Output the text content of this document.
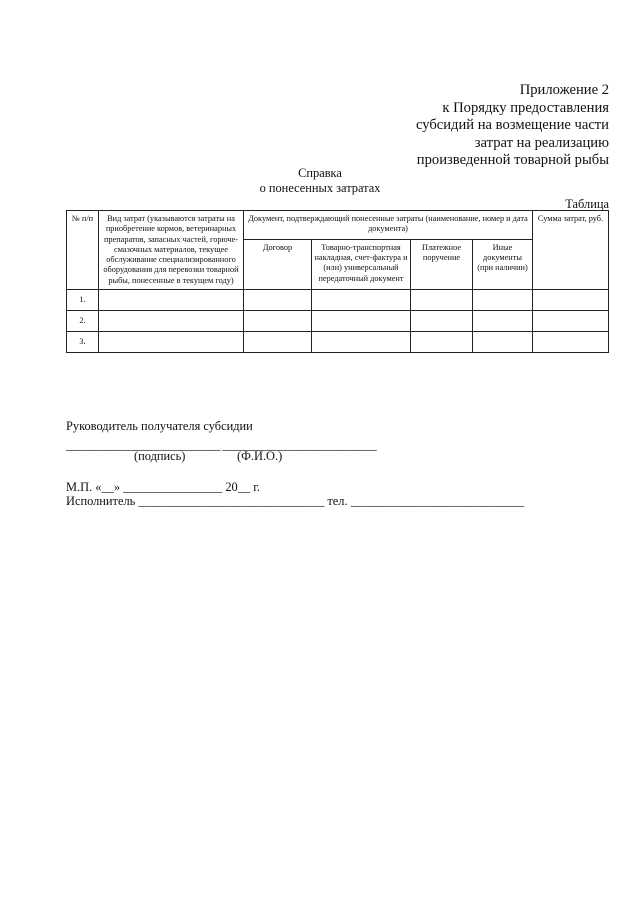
Приложение 2
к Порядку предоставления
субсидий на возмещение части
затрат на реализацию
произведенной товарной рыбы
Справка
о понесенных затратах
Таблица
№ п/п	Вид затрат (указываются затраты на приобретение кормов, ветеринарных препаратов, запасных частей, горюче-смазочных материалов, текущее обслуживание специализированного оборудования для перевозки товарной рыбы, понесенные в текущем году)	Документ, подтверждающий понесенные затраты (наименование, номер и дата документа)				Сумма затрат, руб.
		Договор	Товарно-транспортная накладная, счет-фактура и (или) универсальный передаточный документ	Платежное поручение	Иные документы (при наличии)	
1.						
2.						
3.						
Руководитель получателя субсидии
___________________________ ___________________________
(подпись)	(Ф.И.О.)
М.П. «__» ________________ 20__ г.
Исполнитель ______________________________ тел. ____________________________
